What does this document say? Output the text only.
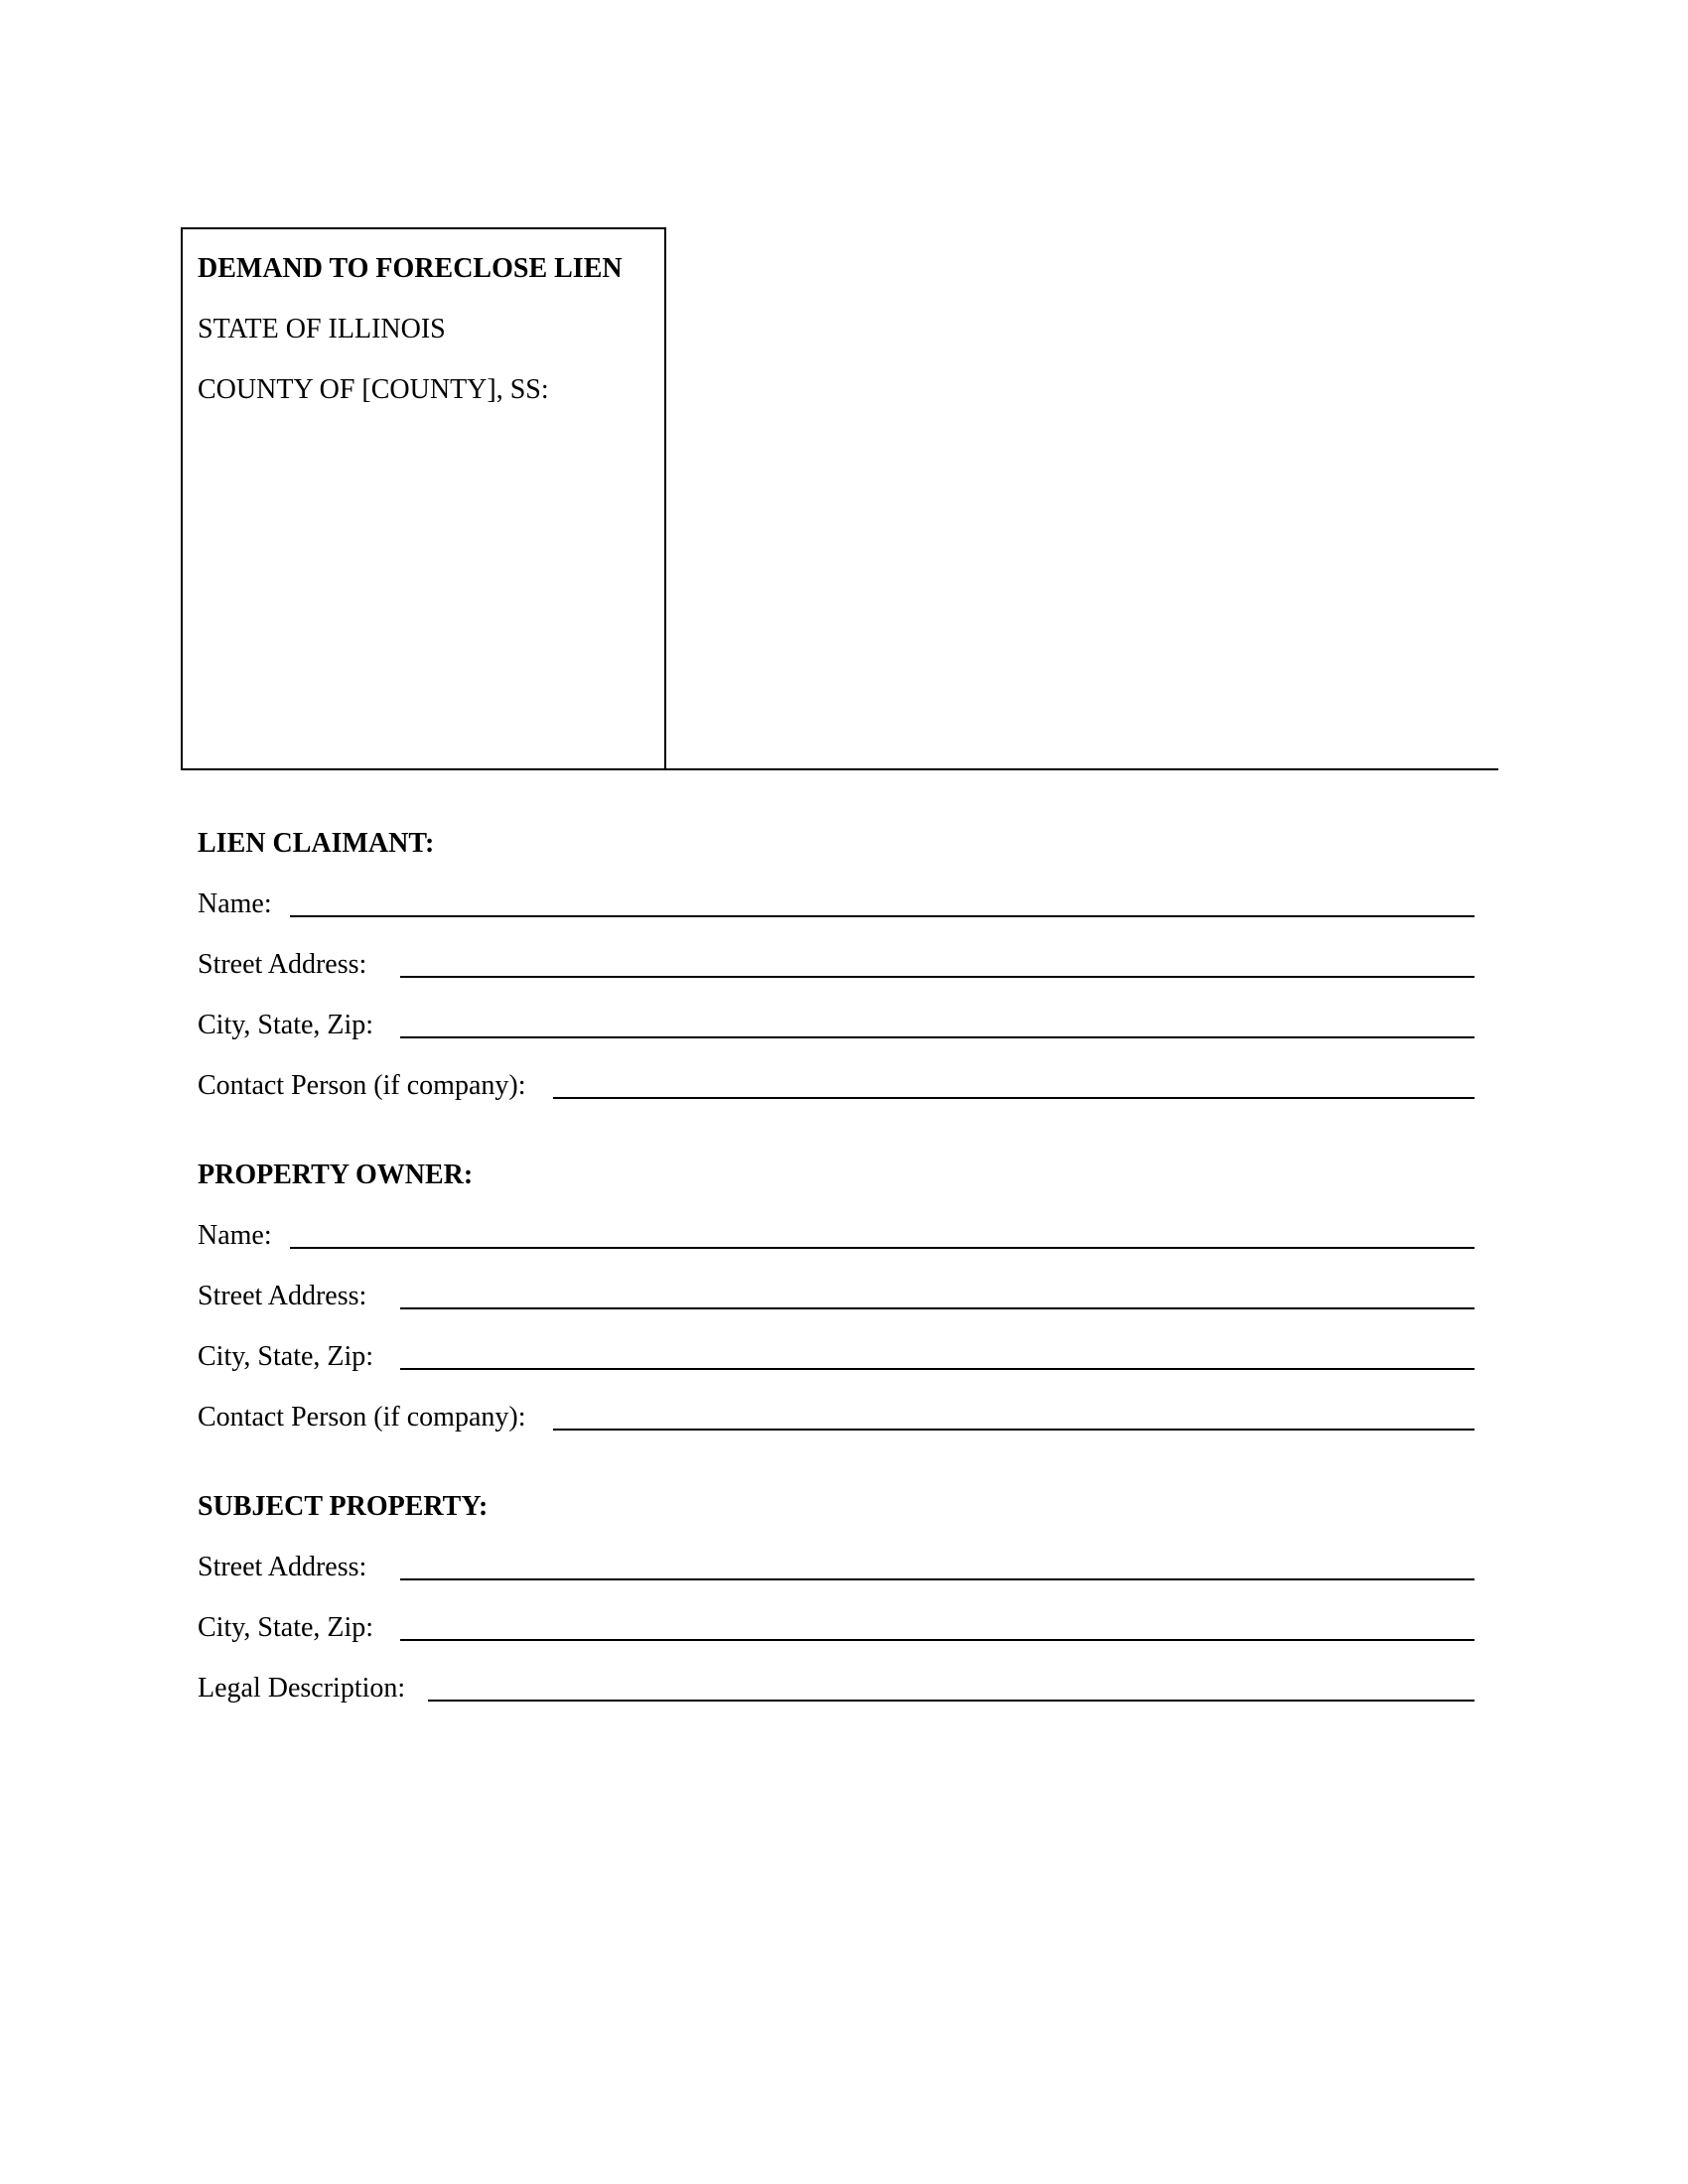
DEMAND TO FORECLOSE LIEN
STATE OF ILLINOIS
COUNTY OF [COUNTY], SS:
LIEN CLAIMANT:
Name:
Street Address:
City, State, Zip:
Contact Person (if company):
PROPERTY OWNER:
Name:
Street Address:
City, State, Zip:
Contact Person (if company):
SUBJECT PROPERTY:
Street Address:
City, State, Zip:
Legal Description:
